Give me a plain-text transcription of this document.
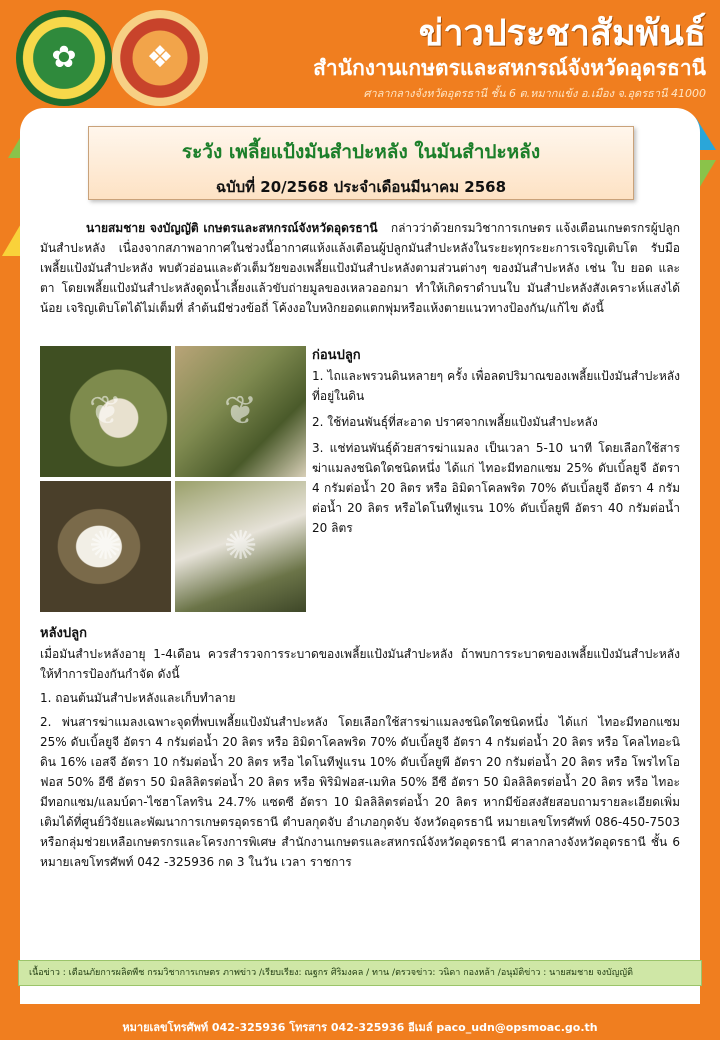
✿	❖
ข่าวประชาสัมพันธ์
สำนักงานเกษตรและสหกรณ์จังหวัดอุดรธานี
ศาลากลางจังหวัดอุดรธานี ชั้น 6 ต.หมากแข้ง อ.เมือง จ.อุดรธานี 41000
ระวัง เพลี้ยแป้งมันสำปะหลัง ในมันสำปะหลัง
ฉบับที่ 20/2568 ประจำเดือนมีนาคม 2568
นายสมชาย จงบัญญัติ เกษตรและสหกรณ์จังหวัดอุดรธานี กล่าวว่าด้วยกรมวิชาการเกษตร แจ้งเตือนเกษตรกรผู้ปลูกมันสำปะหลัง เนื่องจากสภาพอากาศในช่วงนี้อากาศแห้งแล้งเตือนผู้ปลูกมันสำปะหลังในระยะทุกระยะการเจริญเติบโต รับมือเพลี้ยแป้งมันสำปะหลัง พบตัวอ่อนและตัวเต็มวัยของเพลี้ยแป้งมันสำปะหลังตามส่วนต่างๆ ของมันสำปะหลัง เช่น ใบ ยอด และตา โดยเพลี้ยแป้งมันสำปะหลังดูดน้ำเลี้ยงแล้วขับถ่ายมูลของเหลวออกมา ทำให้เกิดราดำบนใบ มันสำปะหลังสังเคราะห์แสงได้น้อย เจริญเติบโตได้ไม่เต็มที่ ลำต้นมีช่วงข้อถี่ โค้งงอใบหงิกยอดแตกพุ่มหรือแห้งตายแนวทางป้องกัน/แก้ไข ดังนี้
❦	❦
✺	✺
ก่อนปลูก

1. ไถและพรวนดินหลายๆ ครั้ง เพื่อลดปริมาณของเพลี้ยแป้งมันสำปะหลังที่อยู่ในดิน

2. ใช้ท่อนพันธุ์ที่สะอาด ปราศจากเพลี้ยแป้งมันสำปะหลัง

3. แช่ท่อนพันธุ์ด้วยสารฆ่าแมลง เป็นเวลา 5-10 นาที โดยเลือกใช้สารฆ่าแมลงชนิดใดชนิดหนึ่ง ได้แก่ ไทอะมีทอกแซม 25% ดับเบิ้ลยูจี อัตรา 4 กรัมต่อน้ำ 20 ลิตร หรือ อิมิดาโคลพริด 70% ดับเบิ้ลยูจี อัตรา 4 กรัมต่อน้ำ 20 ลิตร หรือไดโนทีฟูแรน 10% ดับเบิ้ลยูพี อัตรา 40 กรัมต่อน้ำ 20 ลิตร

หลังปลูก

เมื่อมันสำปะหลังอายุ 1-4เดือน ควรสำรวจการระบาดของเพลี้ยแป้งมันสำปะหลัง ถ้าพบการระบาดของเพลี้ยแป้งมันสำปะหลังให้ทำการป้องกันกำจัด ดังนี้

1. ถอนต้นมันสำปะหลังและเก็บทำลาย

2. พ่นสารฆ่าแมลงเฉพาะจุดที่พบเพลี้ยแป้งมันสำปะหลัง โดยเลือกใช้สารฆ่าแมลงชนิดใดชนิดหนึ่ง ได้แก่ ไทอะมีทอกแซม 25% ดับเบิ้ลยูจี อัตรา 4 กรัมต่อน้ำ 20 ลิตร หรือ อิมิดาโคลพริด 70% ดับเบิ้ลยูจี อัตรา 4 กรัมต่อน้ำ 20 ลิตร หรือ โคลไทอะนิดิน 16% เอสจี อัตรา 10 กรัมต่อน้ำ 20 ลิตร หรือ ไดโนทีฟูแรน 10% ดับเบิ้ลยูพี อัตรา 20 กรัมต่อน้ำ 20 ลิตร หรือ โพรไทโอฟอส 50% อีซี อัตรา 50 มิลลิลิตรต่อน้ำ 20 ลิตร หรือ พิริมิฟอส-เมทิล 50% อีซี อัตรา 50 มิลลิลิตรต่อน้ำ 20 ลิตร หรือ ไทอะมีทอกแซม/แลมบ์ดา-ไซฮาโลทริน 24.7% แซดซี อัตรา 10 มิลลิลิตรต่อน้ำ 20 ลิตร หากมีข้อสงสัยสอบถามรายละเอียดเพิ่มเติมได้ที่ศูนย์วิจัยและพัฒนาการเกษตรอุดรธานี ตำบลกุดจับ อำเภอกุดจับ จังหวัดอุดรธานี หมายเลขโทรศัพท์ 086-450-7503 หรือกลุ่มช่วยเหลือเกษตรกรและโครงการพิเศษ สำนักงานเกษตรและสหกรณ์จังหวัดอุดรธานี ศาลากลางจังหวัดอุดรธานี ชั้น 6 หมายเลขโทรศัพท์ 042 -325936 กด 3 ในวัน เวลา ราชการ

เนื้อข่าว : เตือนภัยการผลิตพืช กรมวิชาการเกษตร ภาพข่าว /เรียบเรียง: ณฐกร ศิริมงคล / ทาน /ตรวจข่าว: วนิดา กองหล้า /อนุมัติข่าว : นายสมชาย จงบัญญัติ
หมายเลขโทรศัพท์ 042-325936 โทรสาร 042-325936 อีเมล์ paco_udn@opsmoac.go.th
